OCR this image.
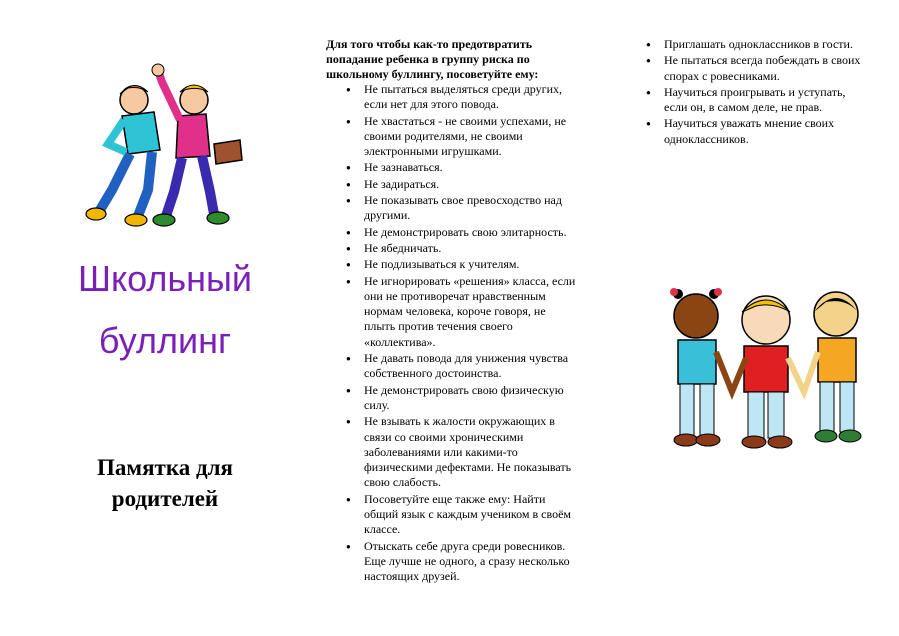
Школьный
буллинг
Памятка для
родителей
Для того чтобы как-то предотвратить попадание ребенка в группу риска по школьному буллингу, посоветуйте ему:
● Не пытаться выделяться среди других, если нет для этого повода.
● Не хвастаться - не своими успехами, не своими родителями, не своими электронными игрушками.
● Не зазнаваться.
● Не задираться.
● Не показывать свое превосходство над другими.
● Не демонстрировать свою элитарность.
● Не ябедничать.
● Не подлизываться к учителям.
● Не игнорировать «решения» класса, если они не противоречат нравственным нормам человека, короче говоря, не плыть против течения своего «коллектива».
● Не давать повода для унижения чувства собственного достоинства.
● Не демонстрировать свою физическую силу.
● Не взывать к жалости окружающих в связи со своими хроническими заболеваниями или какими-то физическими дефектами. Не показывать свою слабость.
● Посоветуйте еще также ему: Найти общий язык с каждым учеником в своём классе.
● Отыскать себе друга среди ровесников. Еще лучше не одного, а сразу несколько настоящих друзей.
● Приглашать одноклассников в гости.
● Не пытаться всегда побеждать в своих спорах с ровесниками.
● Научиться проигрывать и уступать, если он, в самом деле, не прав.
● Научиться уважать мнение своих одноклассников.
